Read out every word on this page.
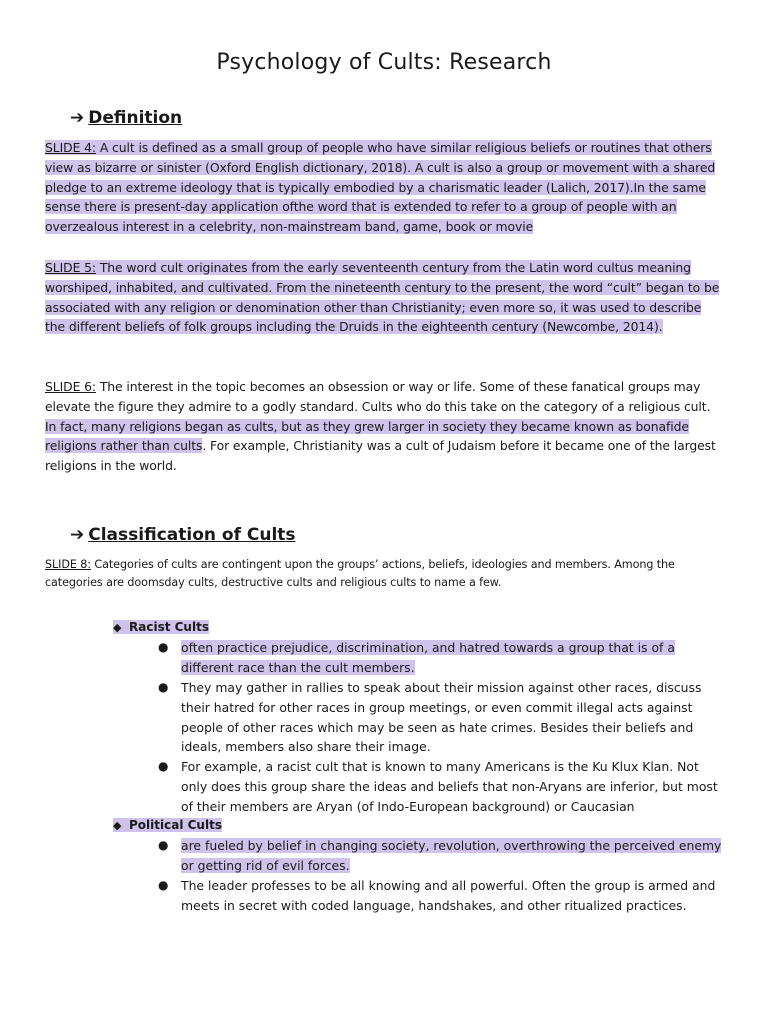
Psychology of Cults: Research
➔ Definition
SLIDE 4: A cult is defined as a small group of people who have similar religious beliefs or routines that others view as bizarre or sinister (Oxford English dictionary, 2018). A cult is also a group or movement with a shared pledge to an extreme ideology that is typically embodied by a charismatic leader (Lalich, 2017).In the same sense there is present-day application ofthe word that is extended to refer to a group of people with an overzealous interest in a celebrity, non-mainstream band, game, book or movie
SLIDE 5: The word cult originates from the early seventeenth century from the Latin word cultus meaning worshiped, inhabited, and cultivated. From the nineteenth century to the present, the word “cult” began to be associated with any religion or denomination other than Christianity; even more so, it was used to describe the different beliefs of folk groups including the Druids in the eighteenth century (Newcombe, 2014).
SLIDE 6: The interest in the topic becomes an obsession or way or life. Some of these fanatical groups may elevate the figure they admire to a godly standard. Cults who do this take on the category of a religious cult. In fact, many religions began as cults, but as they grew larger in society they became known as bonafide religions rather than cults. For example, Christianity was a cult of Judaism before it became one of the largest religions in the world.
➔ Classification of Cults
SLIDE 8: Categories of cults are contingent upon the groups’ actions, beliefs, ideologies and members. Among the categories are doomsday cults, destructive cults and religious cults to name a few.
◆ Racist Cults
●	often practice prejudice, discrimination, and hatred towards a group that is of a different race than the cult members.
●	They may gather in rallies to speak about their mission against other races, discuss their hatred for other races in group meetings, or even commit illegal acts against people of other races which may be seen as hate crimes. Besides their beliefs and ideals, members also share their image.
●	For example, a racist cult that is known to many Americans is the Ku Klux Klan. Not only does this group share the ideas and beliefs that non-Aryans are inferior, but most of their members are Aryan (of Indo-European background) or Caucasian
◆ Political Cults
●	are fueled by belief in changing society, revolution, overthrowing the perceived enemy or getting rid of evil forces.
●	The leader professes to be all knowing and all powerful. Often the group is armed and meets in secret with coded language, handshakes, and other ritualized practices.
